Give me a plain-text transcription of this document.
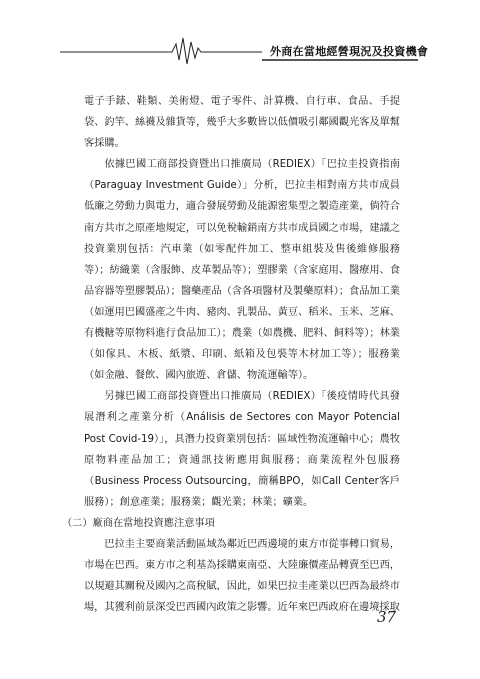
外商在當地經營現況及投資機會

電子手錶、鞋類、美術燈、電子零件、計算機、自行車、食品、手提袋、釣竿、絲襪及雜貨等，幾乎大多數皆以低價吸引鄰國觀光客及單幫客採購。

依據巴國工商部投資暨出口推廣局（REDIEX）「巴拉圭投資指南（Paraguay Investment Guide）」分析，巴拉圭相對南方共市成員低廉之勞動力與電力，適合發展勞動及能源密集型之製造產業，倘符合南方共市之原產地規定，可以免稅輸銷南方共市成員國之市場，建議之投資業別包括：汽車業（如零配件加工、整車組裝及售後維修服務等）；紡織業（含服飾、皮革製品等）；塑膠業（含家庭用、醫療用、食品容器等塑膠製品）；醫藥產品（含各項醫材及製藥原料）；食品加工業（如運用巴國盛產之牛肉、豬肉、乳製品、黃豆、稻米、玉米、芝麻、有機糖等原物料進行食品加工）；農業（如農機、肥料、飼料等）；林業（如傢具、木板、紙漿、印刷、紙箱及包裝等木材加工等）；服務業（如金融、餐飲、國內旅遊、倉儲、物流運輸等）。

另據巴國工商部投資暨出口推廣局（REDIEX）「後疫情時代具發展潛利之產業分析（Análisis de Sectores con Mayor Potencial Post Covid-19）」，具潛力投資業別包括：區域性物流運輸中心；農牧原物料產品加工；資通訊技術應用與服務；商業流程外包服務（Business Process Outsourcing，簡稱BPO，如Call Center客戶服務）；創意產業；服務業；觀光業；林業；礦業。

（二）廠商在當地投資應注意事項

巴拉圭主要商業活動區域為鄰近巴西邊境的東方市從事轉口貿易，市場在巴西。東方市之利基為採購東南亞、大陸廉價產品轉賣至巴西，以規避其關稅及國內之高稅賦，因此，如果巴拉圭產業以巴西為最終市場，其獲利前景深受巴西國內政策之影響。近年來巴西政府在邊境採取

37
